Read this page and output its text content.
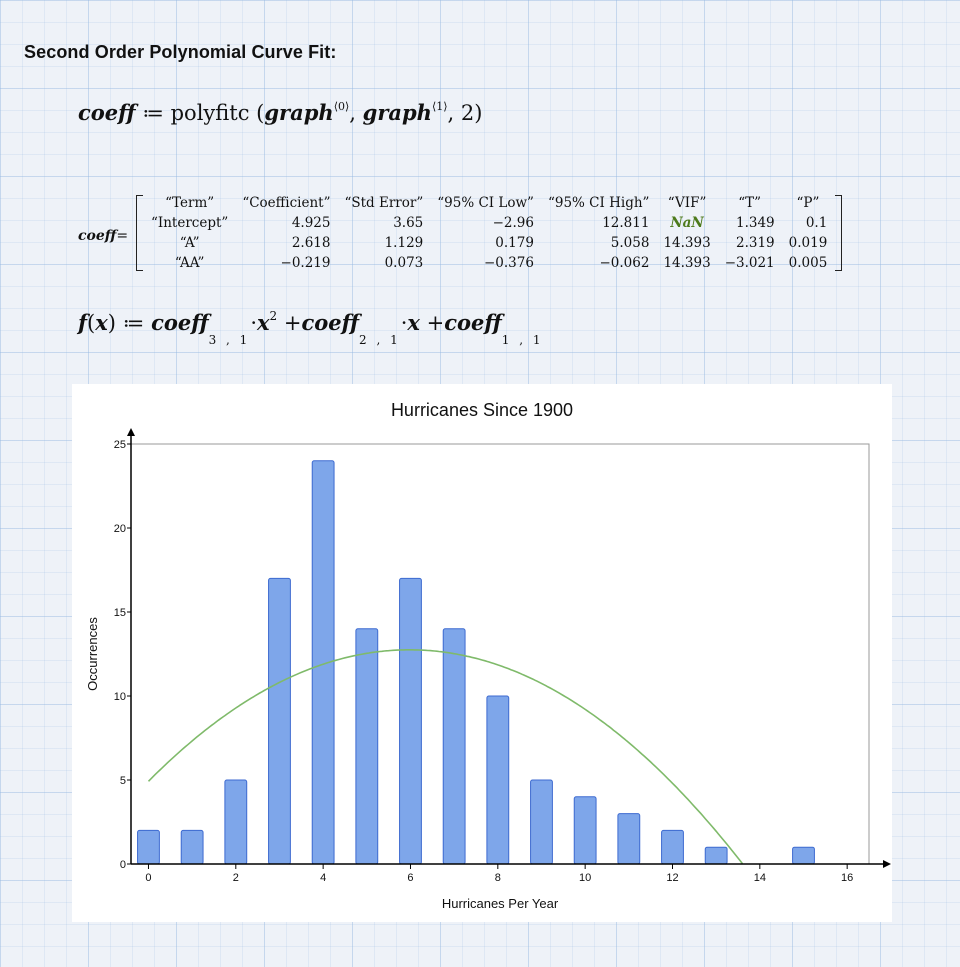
Second Order Polynomial Curve Fit:
coeff ≔ polyfitc (graph$^{⟨0⟩}$, graph$^{⟨1⟩}$, 2)
coeff=
“Term”	“Coefficient”	“Std Error”	“95% CI Low”	“95% CI High”	“VIF”	“T”	“P”
“Intercept”	4.925	3.65	−2.96	12.811	NaN	1.349	0.1
“A”	2.618	1.129	0.179	5.058	14.393	2.319	0.019
“AA”	−0.219	0.073	−0.376	−0.062	14.393	−3.021	0.005
f(x) ≔ $coeff_{3 , 1}\cdot x^2$ +coeff$_{2 , 1}$·x +coeff$_{1 , 1}$
Hurricanes Since 1900
0	2	4	6	8	10	12	14	16
0
5
10
15
20
25
Hurricanes Per Year
Occurrences
